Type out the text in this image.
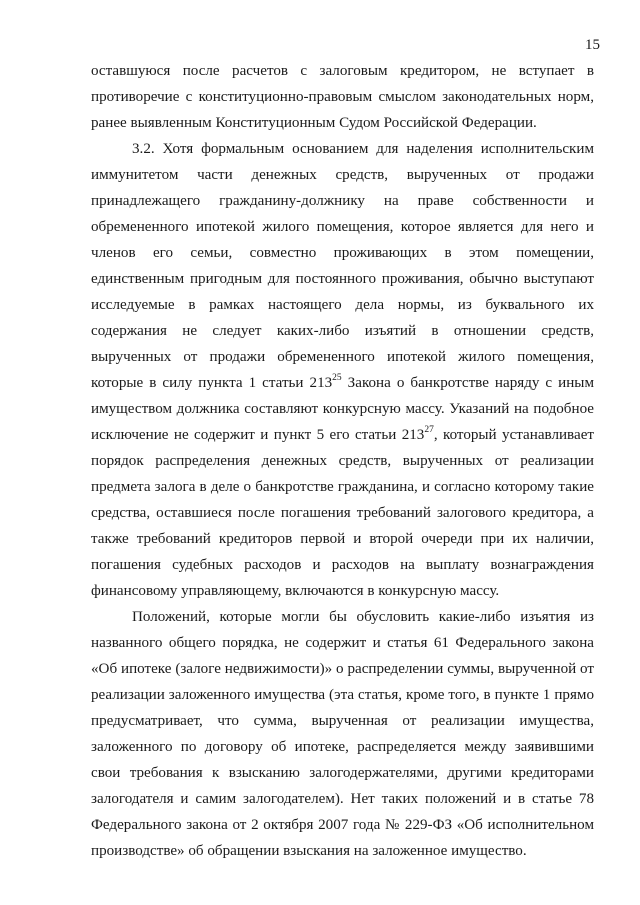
15

оставшуюся после расчетов с залоговым кредитором, не вступает в противоречие с конституционно-правовым смыслом законодательных норм, ранее выявленным Конституционным Судом Российской Федерации.

3.2. Хотя формальным основанием для наделения исполнительским иммунитетом части денежных средств, вырученных от продажи принадлежащего гражданину-должнику на праве собственности и обремененного ипотекой жилого помещения, которое является для него и членов его семьи, совместно проживающих в этом помещении, единственным пригодным для постоянного проживания, обычно выступают исследуемые в рамках настоящего дела нормы, из буквального их содержания не следует каких-либо изъятий в отношении средств, вырученных от продажи обремененного ипотекой жилого помещения, которые в силу пункта 1 статьи $213^{25}$ Закона о банкротстве наряду с иным имуществом должника составляют конкурсную массу. Указаний на подобное исключение не содержит и пункт 5 его статьи $213^{27}$, который устанавливает порядок распределения денежных средств, вырученных от реализации предмета залога в деле о банкротстве гражданина, и согласно которому такие средства, оставшиеся после погашения требований залогового кредитора, а также требований кредиторов первой и второй очереди при их наличии, погашения судебных расходов и расходов на выплату вознаграждения финансовому управляющему, включаются в конкурсную массу.

Положений, которые могли бы обусловить какие-либо изъятия из названного общего порядка, не содержит и статья 61 Федерального закона «Об ипотеке (залоге недвижимости)» о распределении суммы, вырученной от реализации заложенного имущества (эта статья, кроме того, в пункте 1 прямо предусматривает, что сумма, вырученная от реализации имущества, заложенного по договору об ипотеке, распределяется между заявившими свои требования к взысканию залогодержателями, другими кредиторами залогодателя и самим залогодателем). Нет таких положений и в статье 78 Федерального закона от 2 октября 2007 года № 229-ФЗ «Об исполнительном производстве» об обращении взыскания на заложенное имущество.
